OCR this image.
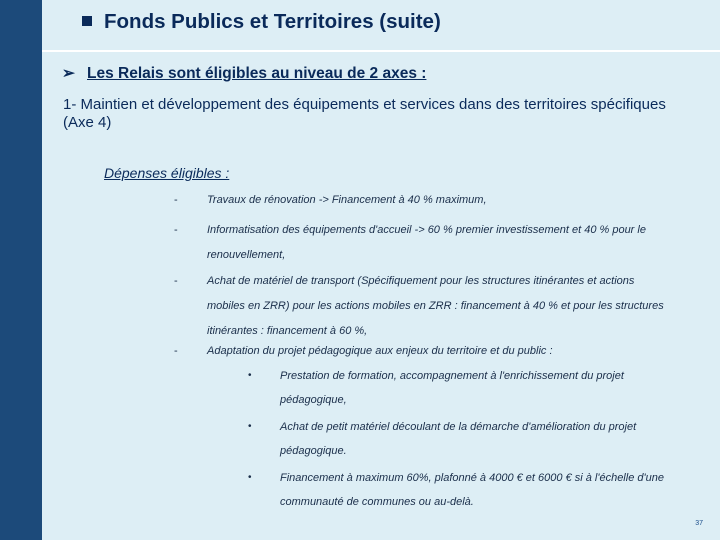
Fonds Publics et Territoires (suite)
➢ Les Relais sont éligibles au niveau de 2 axes :
1- Maintien et développement des équipements et services dans des territoires spécifiques (Axe 4)
Dépenses éligibles :
-	Travaux de rénovation -> Financement à 40 % maximum,
-	Informatisation des équipements d'accueil -> 60 % premier investissement et 40 % pour le
renouvellement,
-	Achat de matériel de transport (Spécifiquement pour les structures itinérantes et actions
mobiles en ZRR) pour les actions mobiles en ZRR : financement à 40 % et pour les structures
itinérantes : financement à 60 %,
-	Adaptation du projet pédagogique aux enjeux du territoire et du public :
•	Prestation de formation, accompagnement à l'enrichissement du projet
pédagogique,
•	Achat de petit matériel découlant de la démarche d'amélioration du projet
pédagogique.
•	Financement à maximum 60%, plafonné à 4000 € et 6000 € si à l'échelle d'une
communauté de communes ou au-delà.
37
